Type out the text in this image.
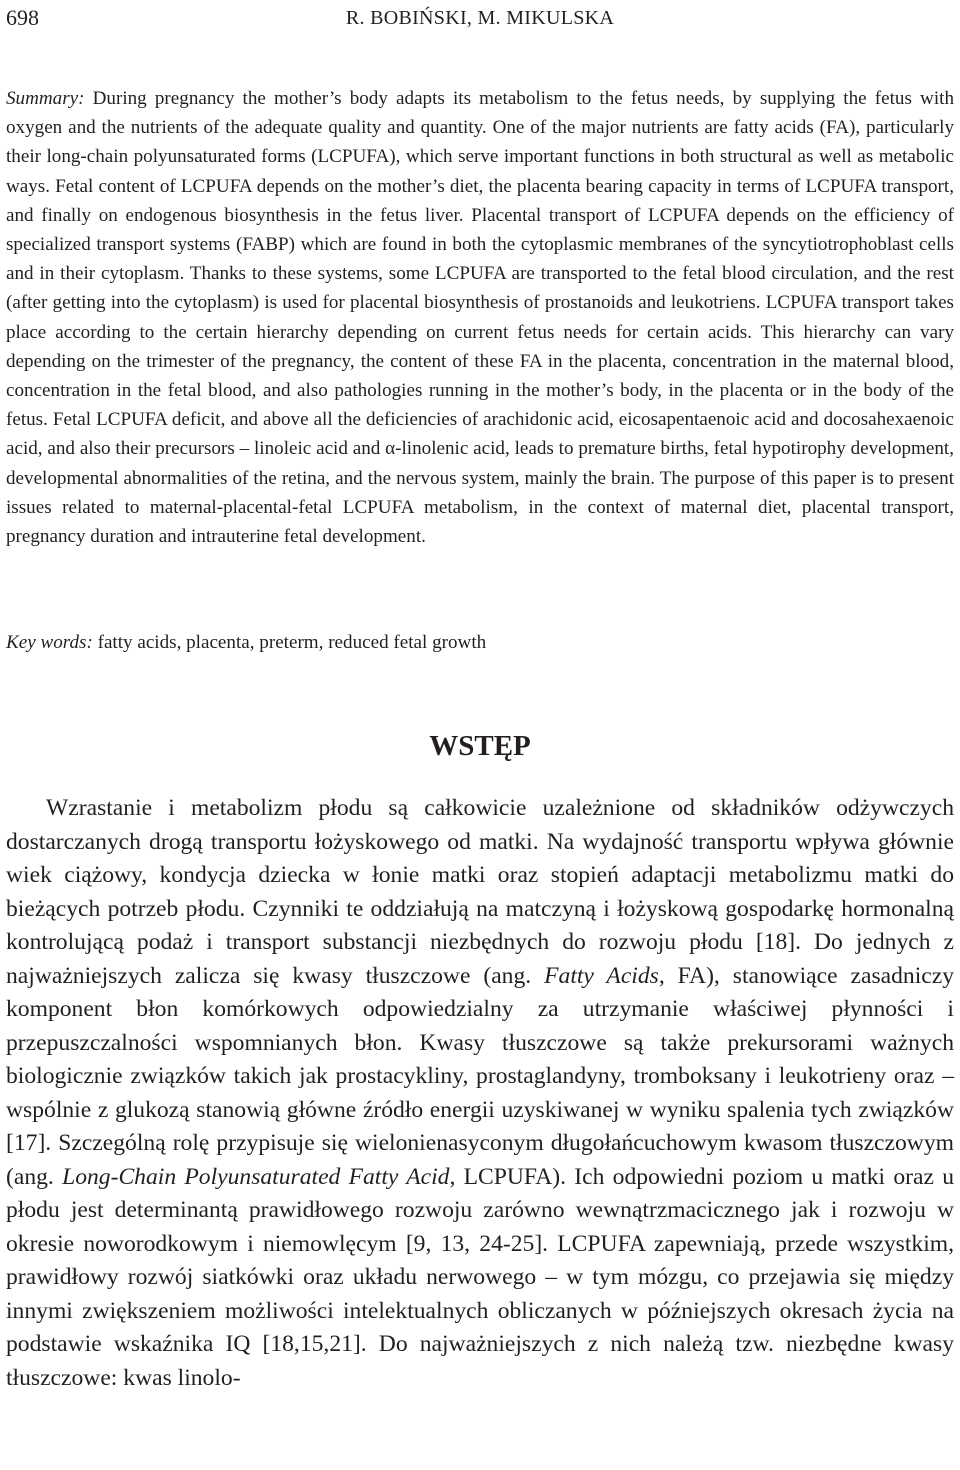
698	R. BOBIŃSKI, M. MIKULSKA

Summary: During pregnancy the mother’s body adapts its metabolism to the fetus needs, by supplying the fetus with oxygen and the nutrients of the adequate quality and quantity. One of the major nutrients are fatty acids (FA), particularly their long-chain polyunsaturated forms (LCPUFA), which serve important functions in both structural as well as metabolic ways. Fetal content of LCPUFA depends on the mother’s diet, the placenta bearing capacity in terms of LCPUFA transport, and finally on endogenous biosynthesis in the fetus liver. Placental transport of LCPUFA depends on the efficiency of specialized transport systems (FABP) which are found in both the cytoplasmic membranes of the syncytiotrophoblast cells and in their cytoplasm. Thanks to these systems, some LCPUFA are transported to the fetal blood circulation, and the rest (after getting into the cytoplasm) is used for placental biosynthesis of prostanoids and leukotriens. LCPUFA transport takes place according to the certain hierarchy depending on current fetus needs for certain acids. This hierarchy can vary depending on the trimester of the pregnancy, the content of these FA in the placenta, concentration in the maternal blood, concentration in the fetal blood, and also pathologies running in the mother’s body, in the placenta or in the body of the fetus. Fetal LCPUFA deficit, and above all the deficiencies of arachidonic acid, eicosapentaenoic acid and docosahexaenoic acid, and also their precursors – linoleic acid and α-linolenic acid, leads to premature births, fetal hypotirophy development, developmental abnormalities of the retina, and the nervous system, mainly the brain. The purpose of this paper is to present issues related to maternal-placental-fetal LCPUFA metabolism, in the context of maternal diet, placental transport, pregnancy duration and intrauterine fetal development.

Key words: fatty acids, placenta, preterm, reduced fetal growth

WSTĘP

Wzrastanie i metabolizm płodu są całkowicie uzależnione od składników odżywczych dostarczanych drogą transportu łożyskowego od matki. Na wydajność transportu wpływa głównie wiek ciążowy, kondycja dziecka w łonie matki oraz stopień adaptacji metabolizmu matki do bieżących potrzeb płodu. Czynniki te oddziałują na matczyną i łożyskową gospodarkę hormonalną kontrolującą podaż i transport substancji niezbędnych do rozwoju płodu [18]. Do jednych z najważniejszych zalicza się kwasy tłuszczowe (ang. Fatty Acids, FA), stanowiące zasadniczy komponent błon komórkowych odpowiedzialny za utrzymanie właściwej płynności i przepuszczalności wspomnianych błon. Kwasy tłuszczowe są także prekursorami ważnych biologicznie związków takich jak prostacykliny, prostaglandyny, tromboksany i leukotrieny oraz – wspólnie z glukozą stanowią główne źródło energii uzyskiwanej w wyniku spalenia tych związków [17]. Szczególną rolę przypisuje się wielonienasyconym długołańcuchowym kwasom tłuszczowym (ang. Long-Chain Polyunsaturated Fatty Acid, LCPUFA). Ich odpowiedni poziom u matki oraz u płodu jest determinantą prawidłowego rozwoju zarówno wewnątrzmacicznego jak i rozwoju w okresie noworodkowym i niemowlęcym [9, 13, 24-25]. LCPUFA zapewniają, przede wszystkim, prawidłowy rozwój siatkówki oraz układu nerwowego – w tym mózgu, co przejawia się między innymi zwiększeniem możliwości intelektualnych obliczanych w późniejszych okresach życia na podstawie wskaźnika IQ [18,15,21]. Do najważniejszych z nich należą tzw. niezbędne kwasy tłuszczowe: kwas linolo-
